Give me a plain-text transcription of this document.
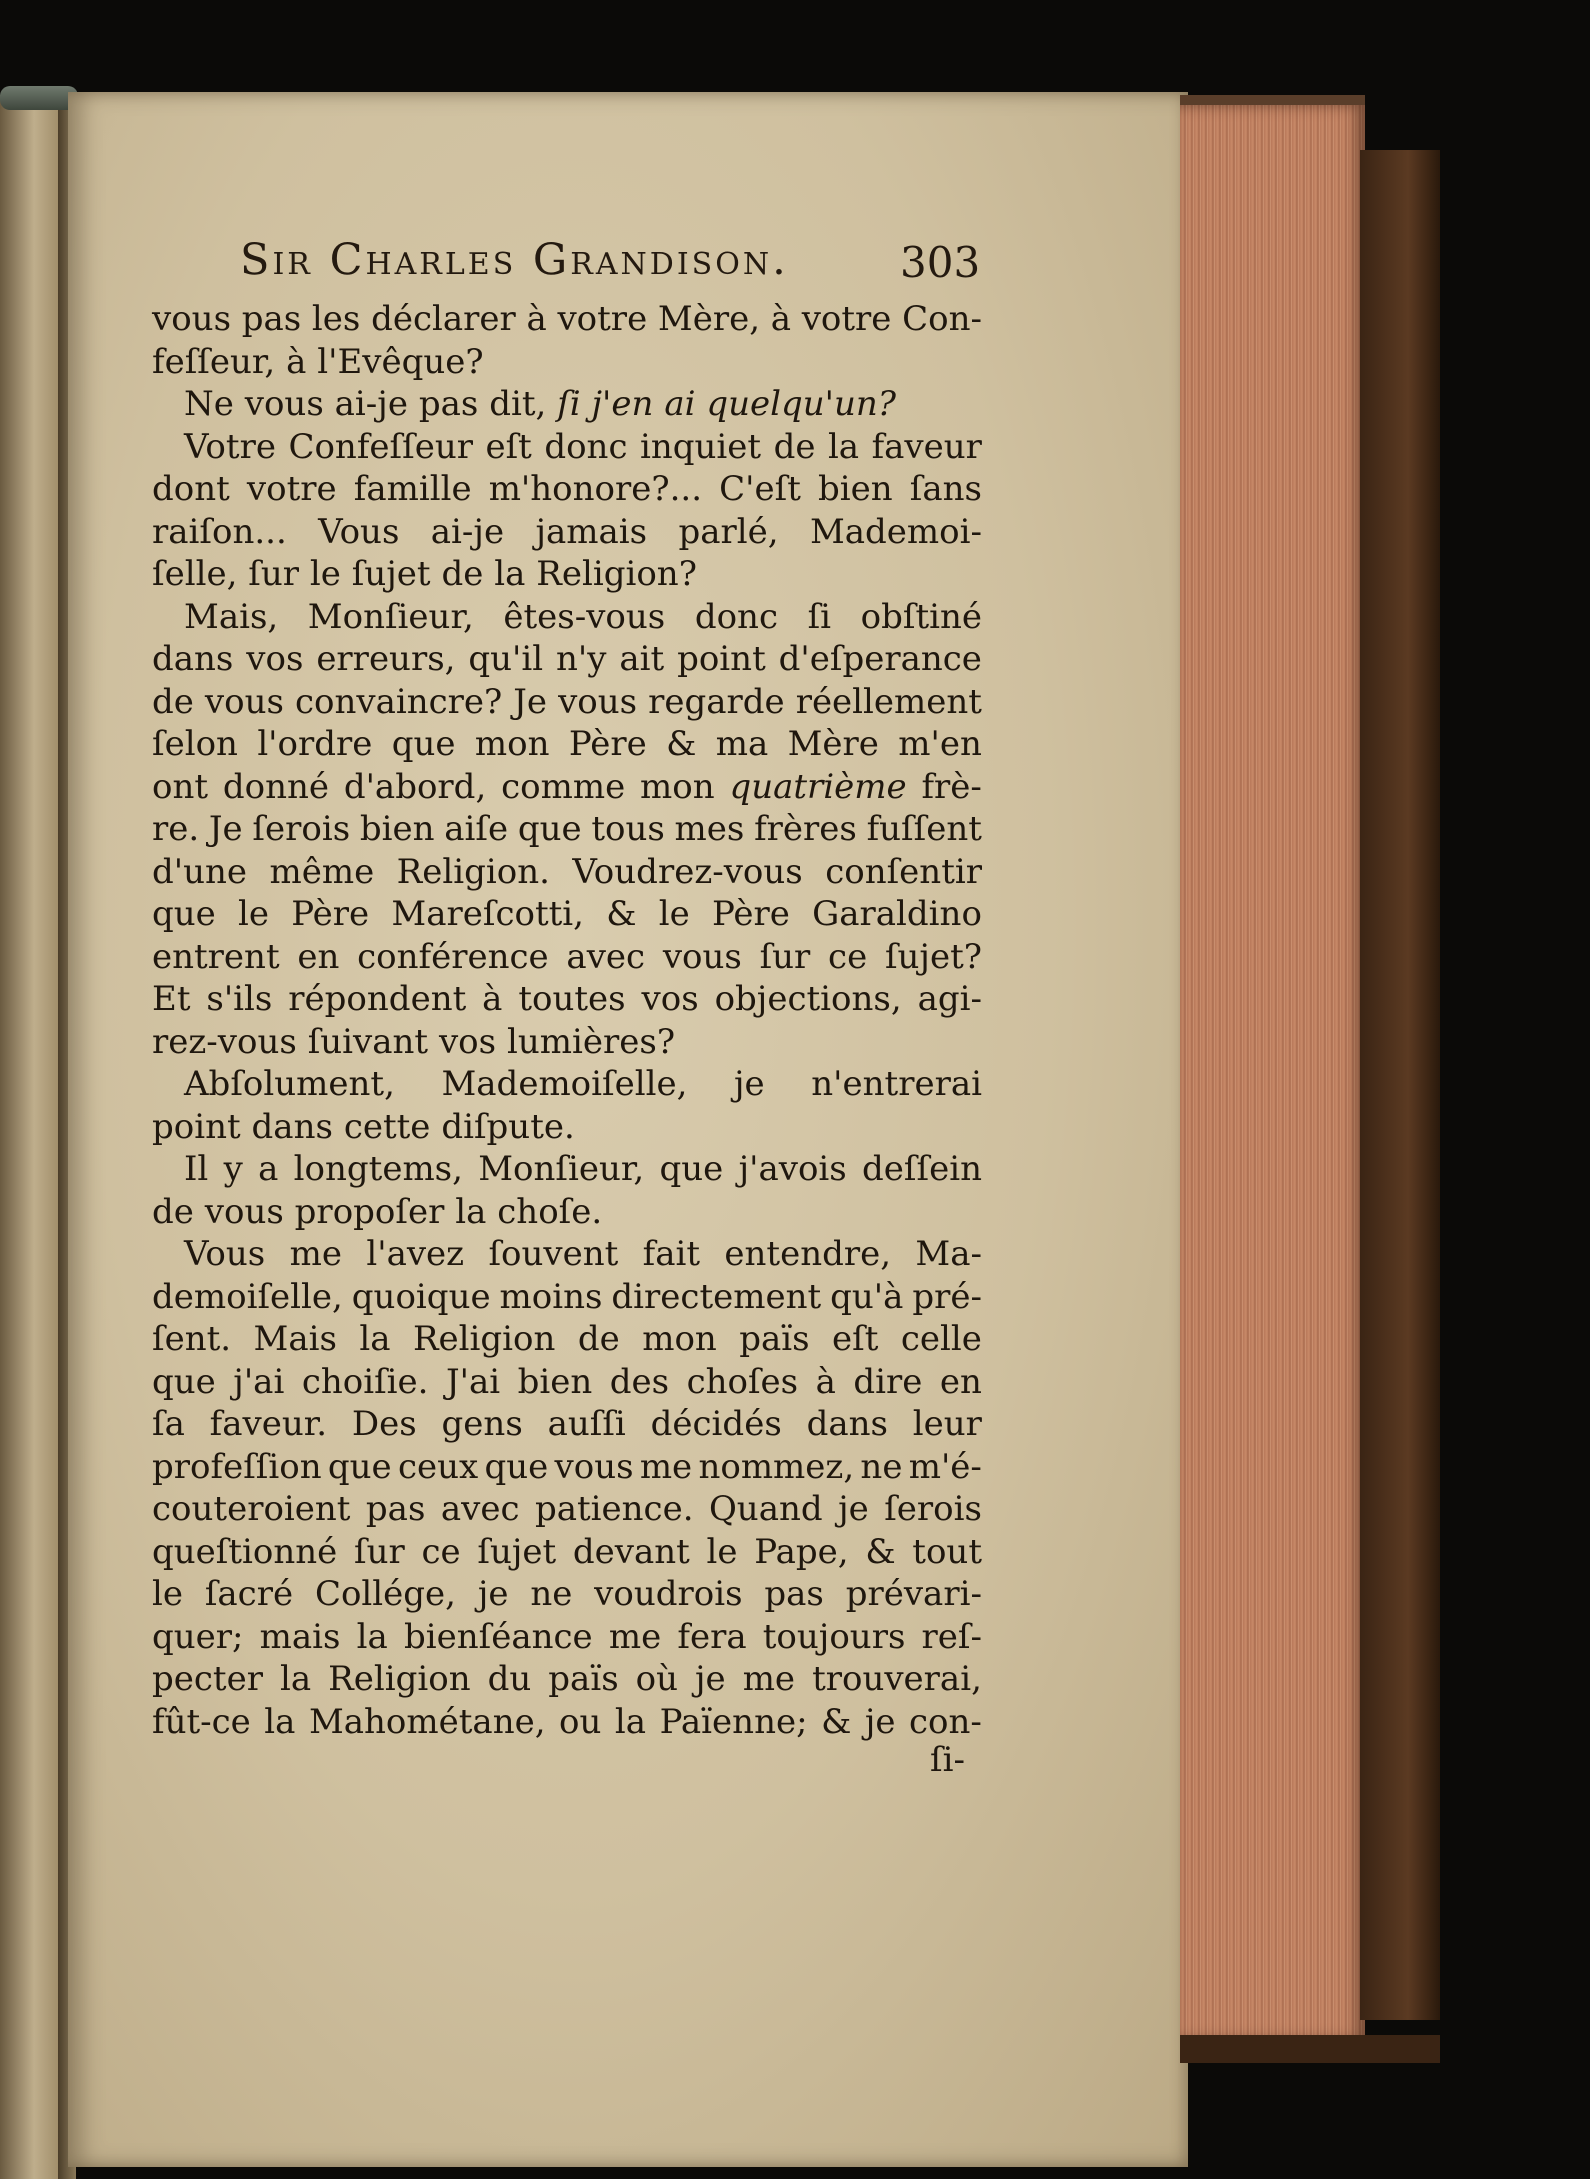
Sir Charles Grandison.	303
vous pas les déclarer à votre Mère, à votre Con-
feſſeur, à l'Evêque?
Ne vous ai-je pas dit, ſi j'en ai quelqu'un?
Votre Confeſſeur eſt donc inquiet de la faveur
dont votre famille m'honore?... C'eſt bien ſans
raiſon... Vous ai-je jamais parlé, Mademoi-
ſelle, ſur le ſujet de la Religion?
Mais, Monſieur, êtes-vous donc ſi obſtiné
dans vos erreurs, qu'il n'y ait point d'eſperance
de vous convaincre? Je vous regarde réellement
ſelon l'ordre que mon Père & ma Mère m'en
ont donné d'abord, comme mon quatrième frè-
re. Je ſerois bien aiſe que tous mes frères fuſſent
d'une même Religion. Voudrez-vous conſentir
que le Père Mareſcotti, & le Père Garaldino
entrent en conférence avec vous ſur ce ſujet?
Et s'ils répondent à toutes vos objections, agi-
rez-vous ſuivant vos lumières?
Abſolument, Mademoiſelle, je n'entrerai
point dans cette diſpute.
Il y a longtems, Monſieur, que j'avois deſſein
de vous propoſer la choſe.
Vous me l'avez ſouvent fait entendre, Ma-
demoiſelle, quoique moins directement qu'à pré-
ſent. Mais la Religion de mon païs eſt celle
que j'ai choiſie. J'ai bien des choſes à dire en
ſa faveur. Des gens auſſi décidés dans leur
profeſſion que ceux que vous me nommez, ne m'é-
couteroient pas avec patience. Quand je ſerois
queſtionné ſur ce ſujet devant le Pape, & tout
le ſacré Collége, je ne voudrois pas prévari-
quer; mais la bienſéance me fera toujours reſ-
pecter la Religion du païs où je me trouverai,
fût-ce la Mahométane, ou la Païenne; & je con-
ſi-
